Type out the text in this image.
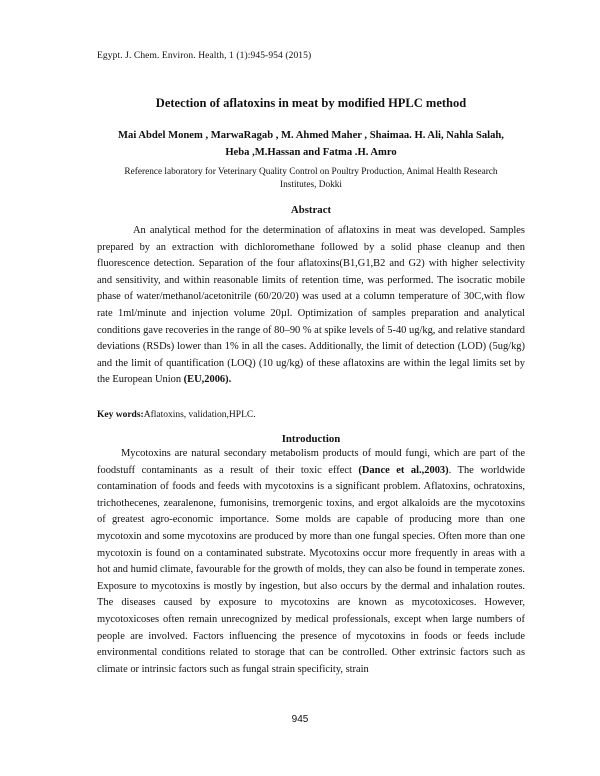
Egypt. J. Chem. Environ. Health, 1 (1):945-954 (2015)
Detection of aflatoxins in meat by modified HPLC method
Mai Abdel Monem , MarwaRagab , M. Ahmed Maher , Shaimaa. H. Ali, Nahla Salah,
Heba ,M.Hassan and Fatma .H. Amro
Reference laboratory for Veterinary Quality Control on Poultry Production, Animal Health Research Institutes, Dokki
Abstract

An analytical method for the determination of aflatoxins in meat was developed. Samples prepared by an extraction with dichloromethane followed by a solid phase cleanup and then fluorescence detection. Separation of the four aflatoxins(B1,G1,B2 and G2) with higher selectivity and sensitivity, and within reasonable limits of retention time, was performed. The isocratic mobile phase of water/methanol/acetonitrile (60/20/20) was used at a column temperature of 30C,with flow rate 1ml/minute and injection volume 20µl. Optimization of samples preparation and analytical conditions gave recoveries in the range of 80–90 % at spike levels of 5-40 ug/kg, and relative standard deviations (RSDs) lower than 1% in all the cases. Additionally, the limit of detection (LOD) (5ug/kg) and the limit of quantification (LOQ) (10 ug/kg) of these aflatoxins are within the legal limits set by the European Union (EU,2006).

Key words:Aflatoxins, validation,HPLC.
Introduction

Mycotoxins are natural secondary metabolism products of mould fungi, which are part of the foodstuff contaminants as a result of their toxic effect (Dance et al.,2003). The worldwide contamination of foods and feeds with mycotoxins is a significant problem. Aflatoxins, ochratoxins, trichothecenes, zearalenone, fumonisins, tremorgenic toxins, and ergot alkaloids are the mycotoxins of greatest agro-economic importance. Some molds are capable of producing more than one mycotoxin and some mycotoxins are produced by more than one fungal species. Often more than one mycotoxin is found on a contaminated substrate. Mycotoxins occur more frequently in areas with a hot and humid climate, favourable for the growth of molds, they can also be found in temperate zones. Exposure to mycotoxins is mostly by ingestion, but also occurs by the dermal and inhalation routes. The diseases caused by exposure to mycotoxins are known as mycotoxicoses. However, mycotoxicoses often remain unrecognized by medical professionals, except when large numbers of people are involved. Factors influencing the presence of mycotoxins in foods or feeds include environmental conditions related to storage that can be controlled. Other extrinsic factors such as climate or intrinsic factors such as fungal strain specificity, strain

945
